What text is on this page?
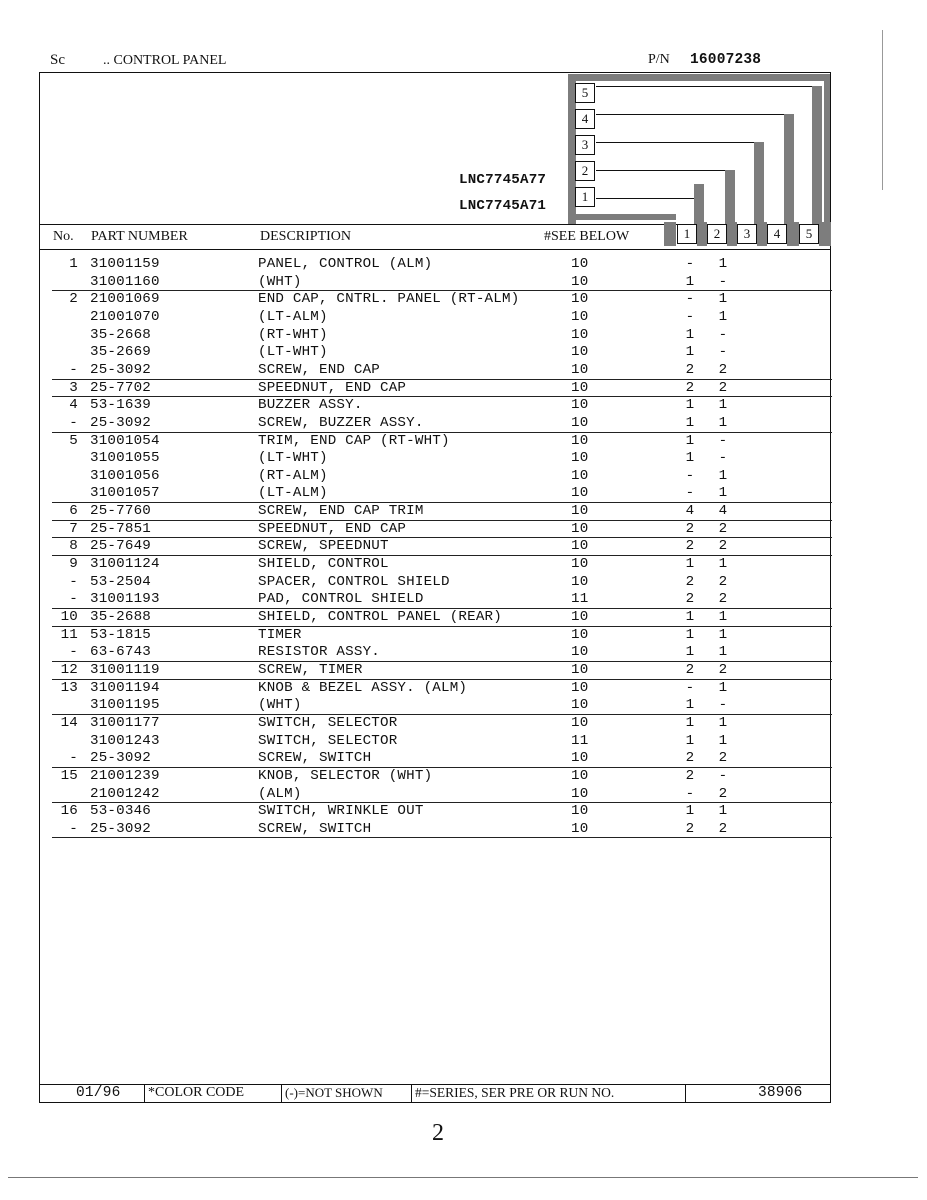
Sc	.. CONTROL PANEL	P/N 16007238
LNC7745A77
LNC7745A71
5
4
3
2
1
No. PART NUMBER	DESCRIPTION	#SEE BELOW	1	2	3	4	5
1 31001159	PANEL, CONTROL (ALM)	10	- 1
31001160	(WHT)	10	1 -
2 21001069	END CAP, CNTRL. PANEL (RT-ALM)	10	- 1
21001070	(LT-ALM)	10	- 1
35-2668	(RT-WHT)	10	1 -
35-2669	(LT-WHT)	10	1 -
- 25-3092	SCREW, END CAP	10	2 2
3 25-7702	SPEEDNUT, END CAP	10	2 2
4 53-1639	BUZZER ASSY.	10	1 1
- 25-3092	SCREW, BUZZER ASSY.	10	1 1
5 31001054	TRIM, END CAP (RT-WHT)	10	1 -
31001055	(LT-WHT)	10	1 -
31001056	(RT-ALM)	10	- 1
31001057	(LT-ALM)	10	- 1
6 25-7760	SCREW, END CAP TRIM	10	4 4
7 25-7851	SPEEDNUT, END CAP	10	2 2
8 25-7649	SCREW, SPEEDNUT	10	2 2
9 31001124	SHIELD, CONTROL	10	1 1
- 53-2504	SPACER, CONTROL SHIELD	10	2 2
- 31001193	PAD, CONTROL SHIELD	11	2 2
10 35-2688	SHIELD, CONTROL PANEL (REAR)	10	1 1
11 53-1815	TIMER	10	1 1
- 63-6743	RESISTOR ASSY.	10	1 1
12 31001119	SCREW, TIMER	10	2 2
13 31001194	KNOB & BEZEL ASSY. (ALM)	10	- 1
31001195	(WHT)	10	1 -
14 31001177	SWITCH, SELECTOR	10	1 1
31001243	SWITCH, SELECTOR	11	1 1
- 25-3092	SCREW, SWITCH	10	2 2
15 21001239	KNOB, SELECTOR (WHT)	10	2 -
21001242	(ALM)	10	- 2
16 53-0346	SWITCH, WRINKLE OUT	10	1 1
- 25-3092	SCREW, SWITCH	10	2 2
01/96 *COLOR CODE	(-)=NOT SHOWN #=SERIES, SER PRE OR RUN NO.	38906
2
